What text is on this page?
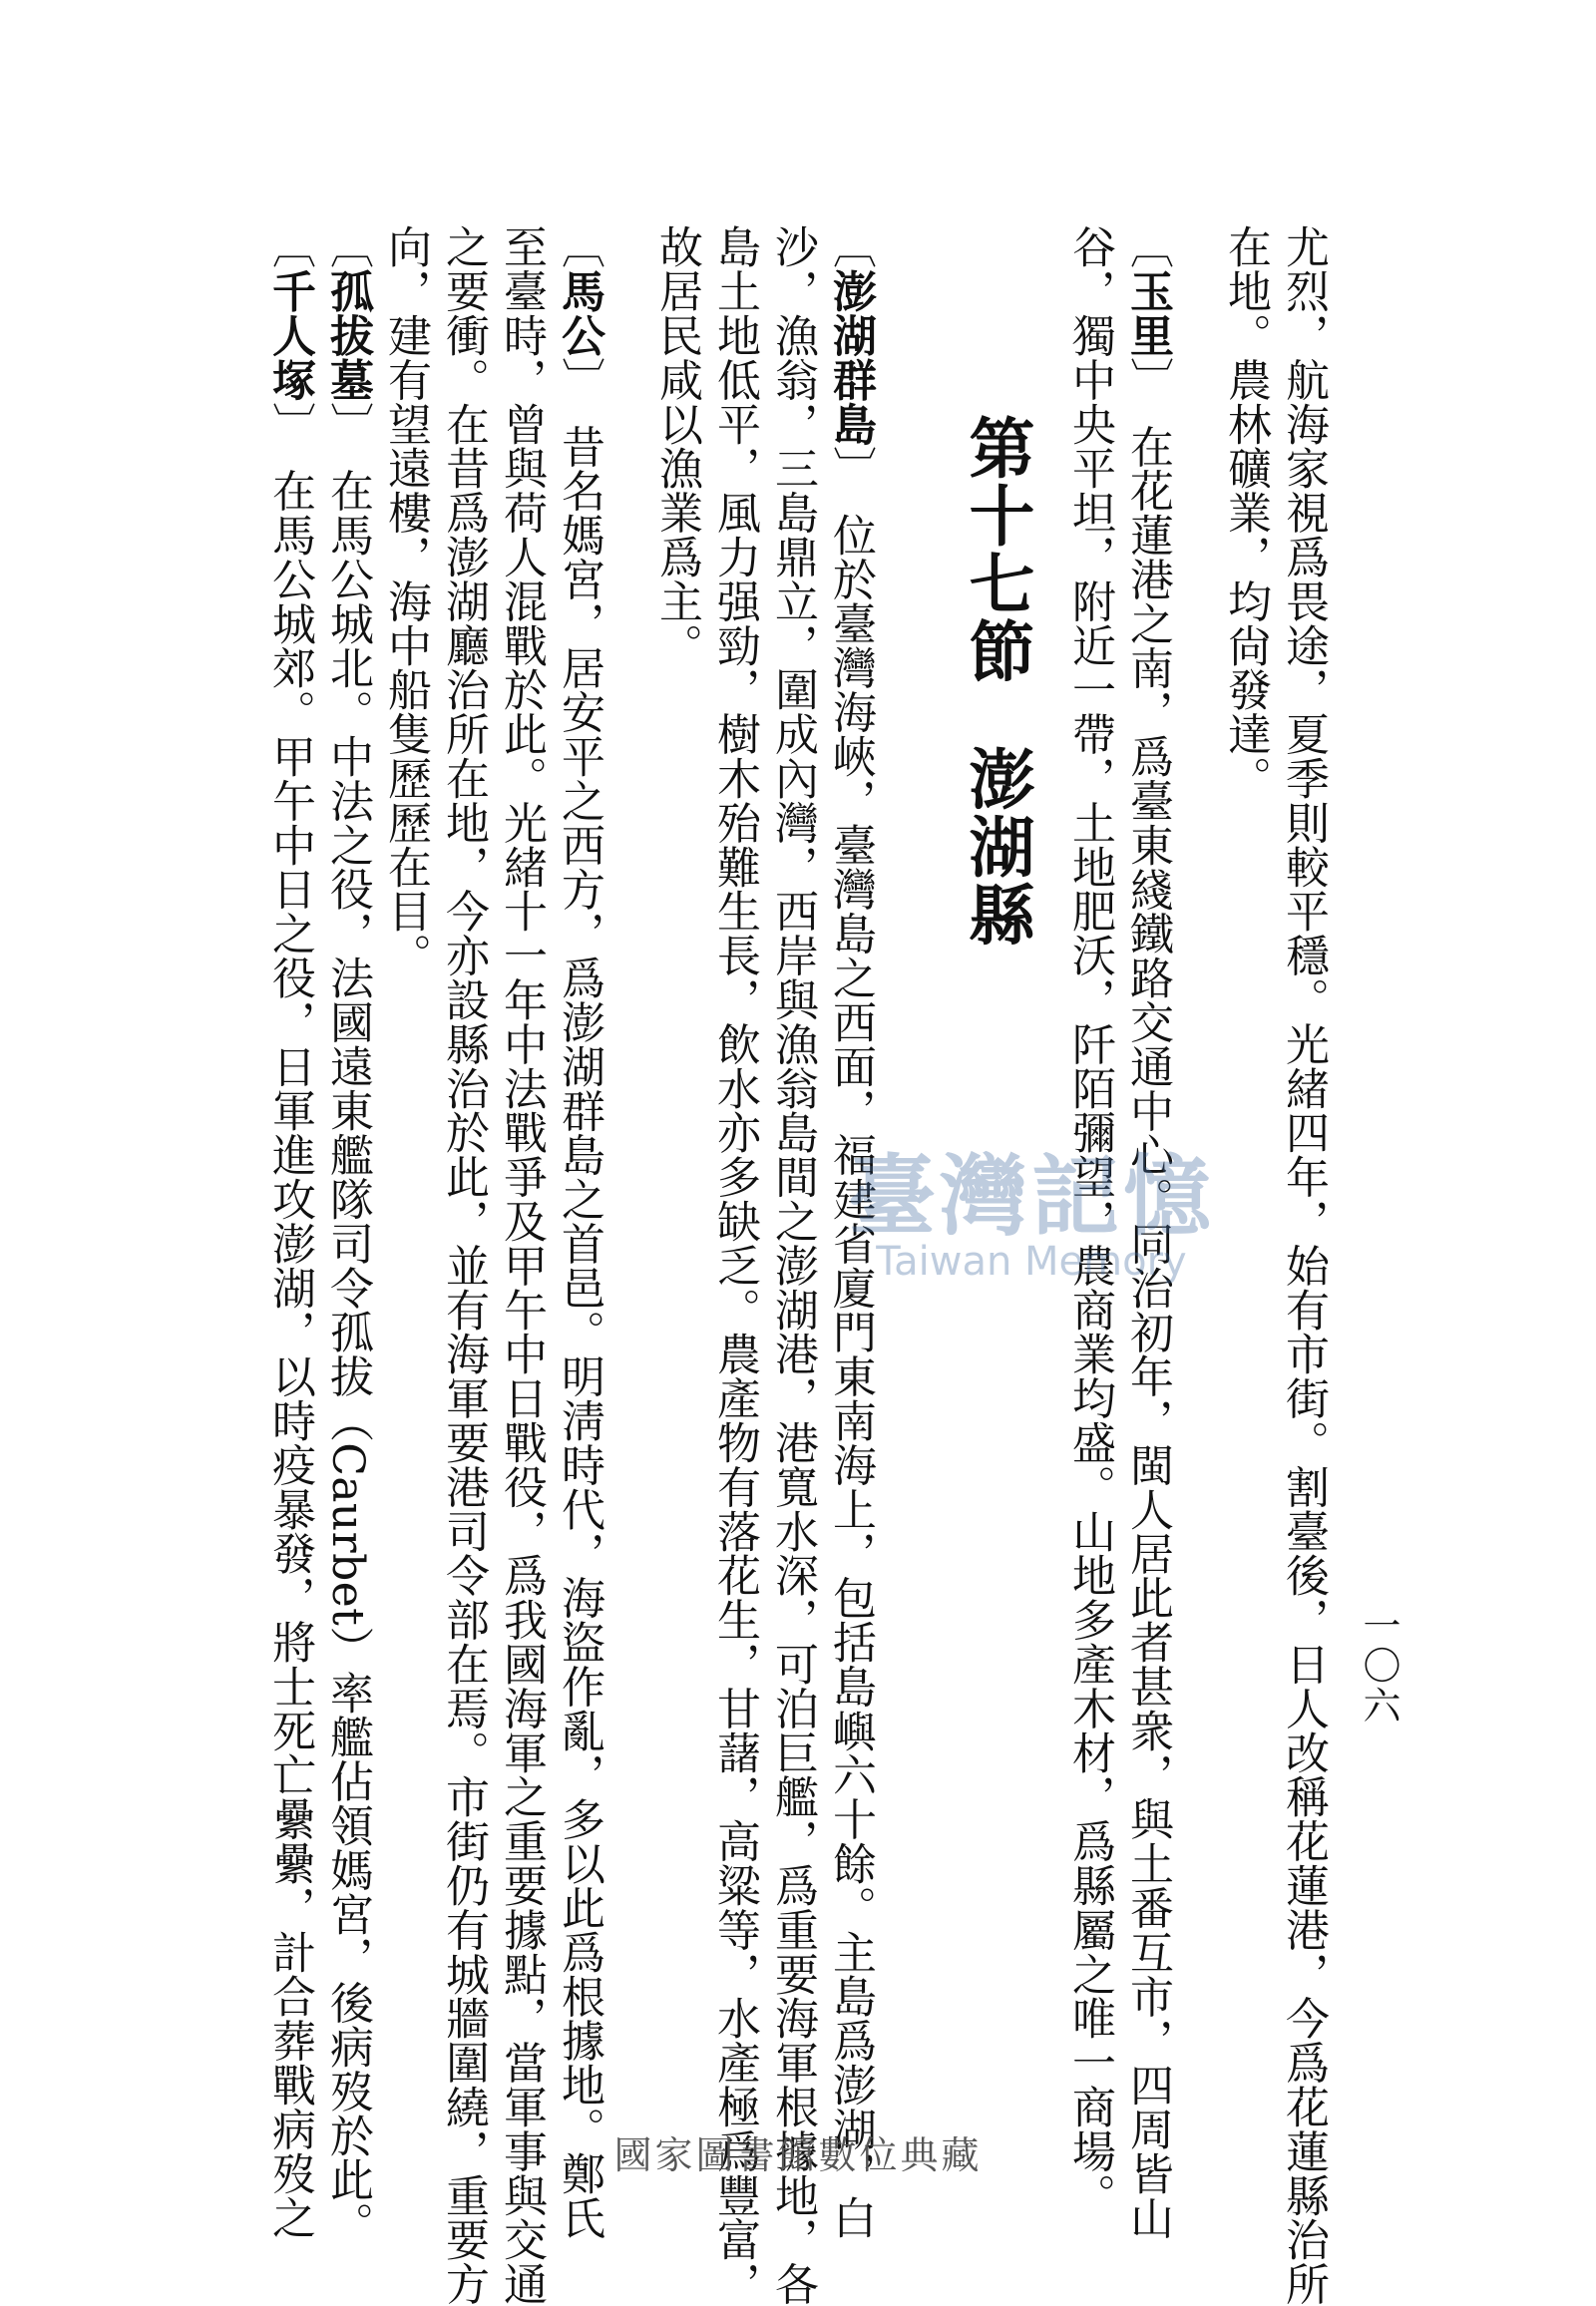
一〇六
尤烈，航海家視爲畏途，夏季則較平穩。光緒四年，始有市街。割臺後，日人改稱花蓮港，今爲花蓮縣治所
在地。農林礦業，均尙發達。
〔 玉里 〕　在花蓮港之南，爲臺東綫鐵路交通中心。同治初年，閩人居此者甚衆，與土番互市，四周皆山
谷，獨中央平坦，附近一帶，土地肥沃，阡陌彌望，農商業均盛。山地多產木材，爲縣屬之唯一商場。
第十七節澎湖縣
〔 澎湖群島 〕　位於臺灣海峽，臺灣島之西面，福建省廈門東南海上，包括島嶼六十餘。主島爲澎湖，白
沙，漁翁，三島鼎立，圍成內灣，西岸與漁翁島間之澎湖港，港寬水深，可泊巨艦，爲重要海軍根據地，各
島土地低平，風力强勁，樹木殆難生長，飲水亦多缺乏。農產物有落花生，甘藷，高粱等，水產極爲豐富，
故居民咸以漁業爲主。
〔 馬公 〕　昔名媽宮，居安平之西方，爲澎湖群島之首邑。明淸時代，海盜作亂，多以此爲根據地。鄭氏
至臺時，曾與荷人混戰於此。光緒十一年中法戰爭及甲午中日戰役，爲我國海軍之重要據點，當軍事與交通
之要衝。在昔爲澎湖廳治所在地，今亦設縣治於此，並有海軍要港司令部在焉。市街仍有城牆圍繞，重要方
向，建有望遠樓，海中船隻歷歷在目。
〔 孤拔墓 〕　在馬公城北。中法之役，法國遠東艦隊司令孤拔（Caurbet）率艦佔領媽宮，後病歿於此。
〔 千人塚 〕　在馬公城郊。甲午中日之役，日軍進攻澎湖，以時疫暴發，將士死亡纍纍，計合葬戰病歿之	臺灣記憶
Taiwan Memory
國家圖書館數位典藏
